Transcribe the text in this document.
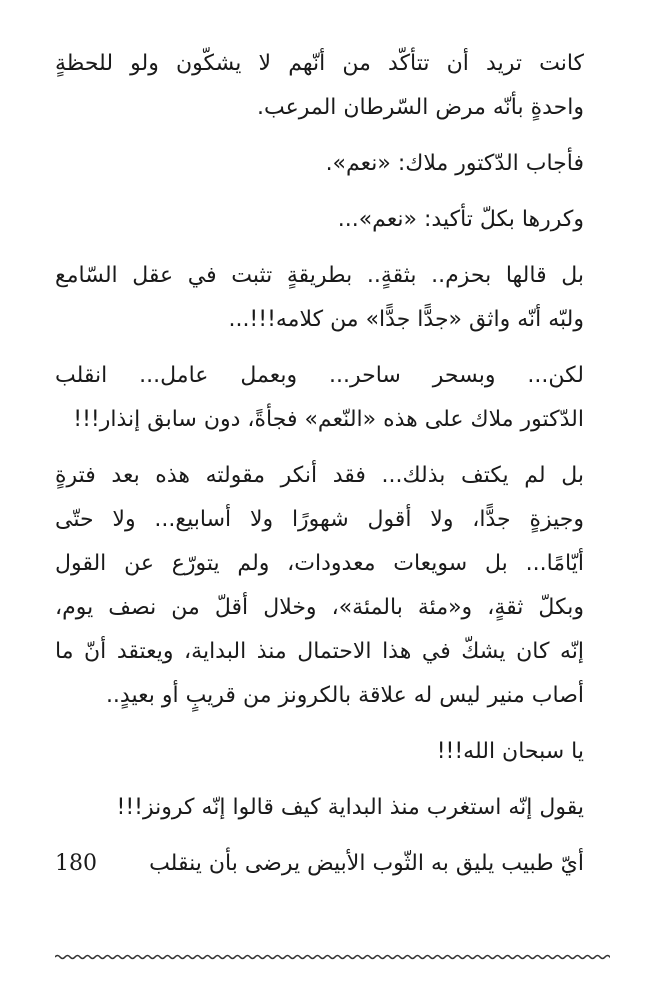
كانت تريد أن تتأكّد من أنّهم لا يشكّون ولو للحظةٍ
واحدةٍ بأنّه مرض السّرطان المرعب.
فأجاب الدّكتور ملاك: «نعم».
وكررها بكلّ تأكيد: «نعم»...
بل قالها بحزم.. بثقةٍ.. بطريقةٍ تثبت في عقل السّامع
ولبّه أنّه واثق «جدًّا جدًّا» من كلامه!!!...
لكن... وبسحر ساحر... وبعمل عامل... انقلب
الدّكتور ملاك على هذه «النّعم» فجأةً، دون سابق إنذار!!!
بل لم يكتف بذلك... فقد أنكر مقولته هذه بعد فترةٍ
وجيزةٍ جدًّا، ولا أقول شهورًا ولا أسابيع... ولا حتّى
أيّامًا... بل سويعات معدودات، ولم يتورّع عن القول
وبكلّ ثقةٍ، و«مئة بالمئة»، وخلال أقلّ من نصف يوم،
إنّه كان يشكّ في هذا الاحتمال منذ البداية، ويعتقد أنّ ما
أصاب منير ليس له علاقة بالكرونز من قريبٍ أو بعيدٍ..
يا سبحان الله!!!
يقول إنّه استغرب منذ البداية كيف قالوا إنّه كرونز!!!
أيّ طبيب يليق به الثّوب الأبيض يرضى بأن ينقلب
180
